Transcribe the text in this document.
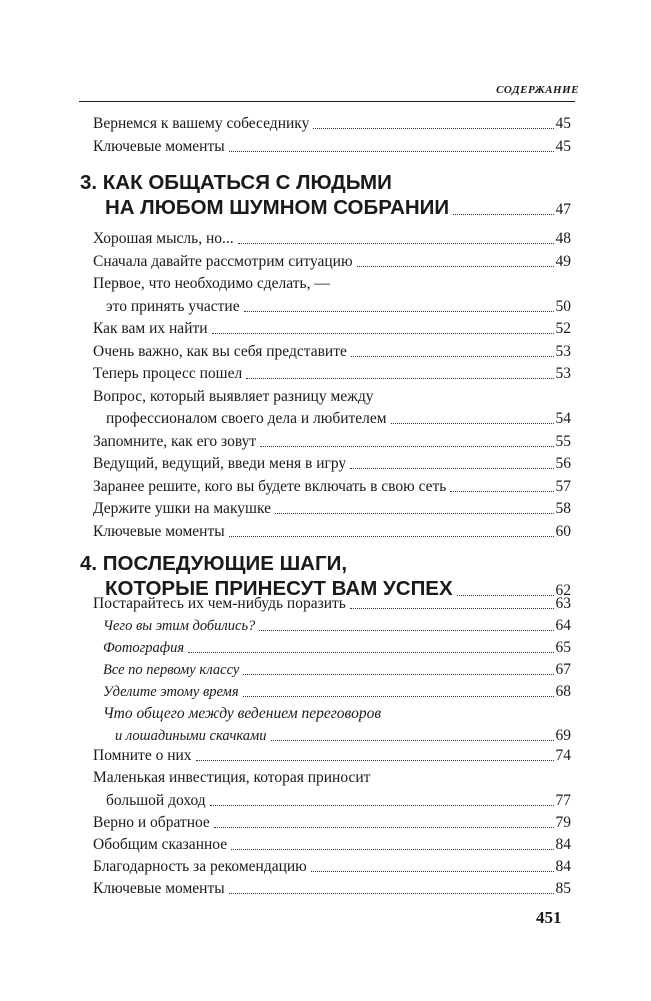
СОДЕРЖАНИЕ
Вернемся к вашему собеседнику	45
Ключевые моменты	45
3. КАК ОБЩАТЬСЯ С ЛЮДЬМИ
НА ЛЮБОМ ШУМНОМ СОБРАНИИ	47
Хорошая мысль, но...	48
Сначала давайте рассмотрим ситуацию	49
Первое, что необходимо сделать, —
это принять участие	50
Как вам их найти	52
Очень важно, как вы себя представите	53
Теперь процесс пошел	53
Вопрос, который выявляет разницу между
профессионалом своего дела и любителем	54
Запомните, как его зовут	55
Ведущий, ведущий, введи меня в игру	56
Заранее решите, кого вы будете включать в свою сеть	57
Держите ушки на макушке	58
Ключевые моменты	60
4. ПОСЛЕДУЮЩИЕ ШАГИ,
КОТОРЫЕ ПРИНЕСУТ ВАМ УСПЕХ	62
Постарайтесь их чем-нибудь поразить	63
Чего вы этим добились?	64
Фотография	65
Все по первому классу	67
Уделите этому время	68
Что общего между ведением переговоров
и лошадиными скачками	69
Помните о них	74
Маленькая инвестиция, которая приносит
большой доход	77
Верно и обратное	79
Обобщим сказанное	84
Благодарность за рекомендацию	84
Ключевые моменты	85
451
